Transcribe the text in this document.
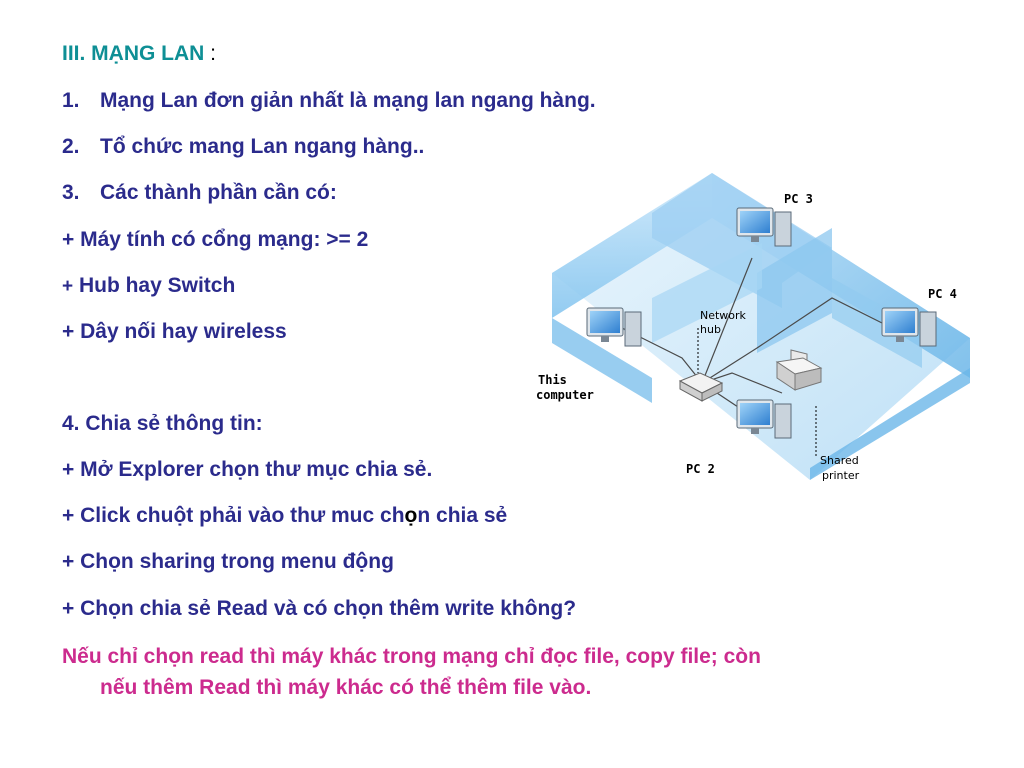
III. MẠNG LAN :
1. Mạng Lan đơn giản nhất là mạng lan ngang hàng.
2. Tổ chức mang Lan ngang hàng..
3. Các thành phần cần có:
+ Máy tính có cổng mạng: >= 2
+ Hub hay Switch
+ Dây nối hay wireless
4. Chia sẻ thông tin:
+ Mở Explorer chọn thư mục chia sẻ.
+ Click chuột phải vào thư muc chọn chia sẻ
+ Chọn sharing trong menu động
+ Chọn chia sẻ Read và có chọn thêm write không?
Nếu chỉ chọn read thì máy khác trong mạng chỉ đọc file, copy file; còn
nếu thêm Read thì máy khác có thể thêm file vào.
PC 3
PC 4
PC 2
Network
hub
This
computer
Shared
printer
